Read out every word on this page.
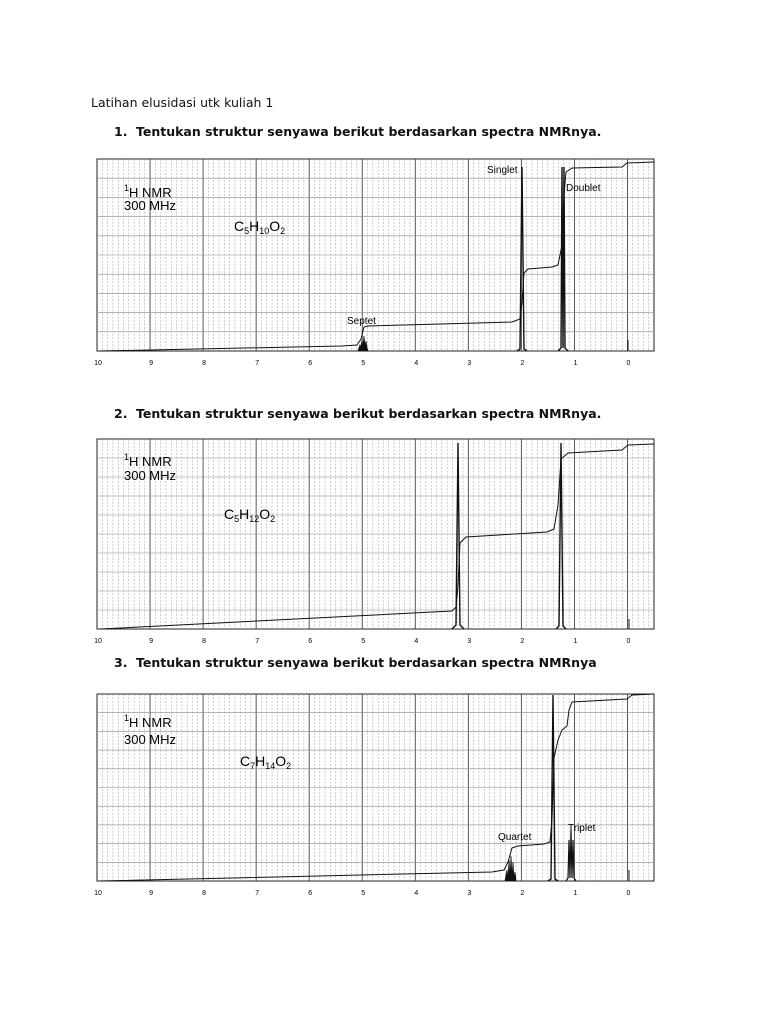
Latihan elusidasi utk kuliah 1
1. Tentukan struktur senyawa berikut berdasarkan spectra NMRnya.
2. Tentukan struktur senyawa berikut berdasarkan spectra NMRnya.
3. Tentukan struktur senyawa berikut berdasarkan spectra NMRnya
10	9	8	7	6	5	4	3	2	1	0
$^1$H NMR
300 MHz
$C_5H_{10}O_2$
Singlet
Doublet
Septet
10	9	8	7	6	5	4	3	2	1	0
$^1$H NMR
300 MHz
$C_5H_{12}O_2$
10	9	8	7	6	5	4	3	2	1	0
$^1$H NMR
300 MHz
$C_7H_{14}O_2$
Quartet
Triplet
